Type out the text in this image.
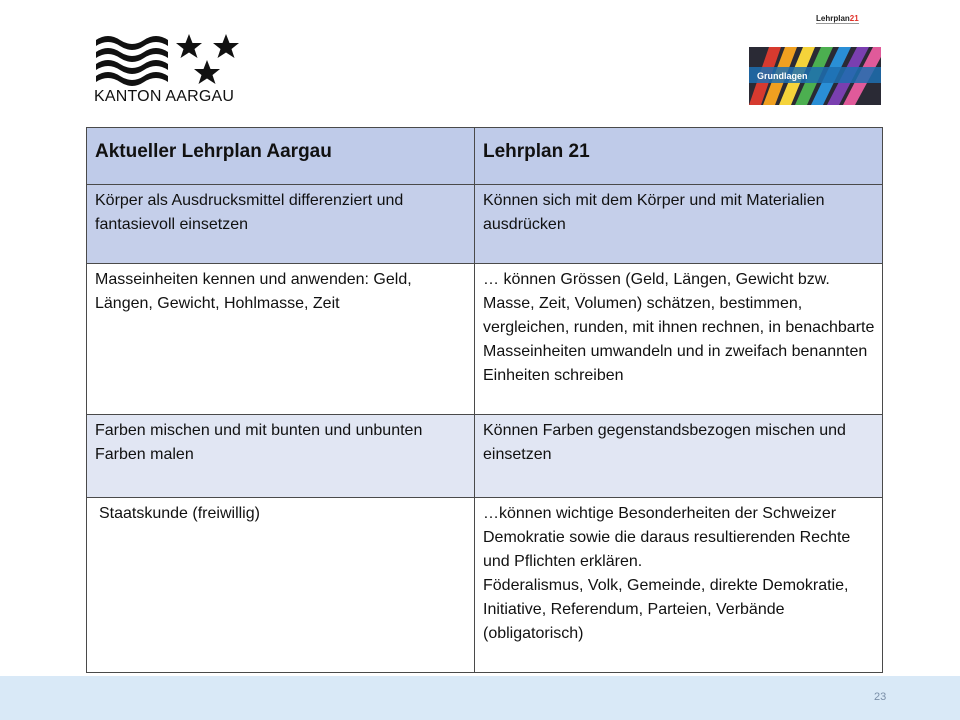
KANTON AARGAU
Lehrplan21
Grundlagen
Aktueller Lehrplan Aargau	Lehrplan 21
Körper als Ausdrucksmittel differenziert und fantasievoll einsetzen	Können sich mit dem Körper und mit Materialien ausdrücken
Masseinheiten kennen und anwenden: Geld, Längen, Gewicht, Hohlmasse, Zeit	… können Grössen (Geld, Längen, Gewicht bzw. Masse, Zeit, Volumen) schätzen, bestimmen, vergleichen, runden, mit ihnen rechnen, in benachbarte Masseinheiten umwandeln und in zweifach benannten Einheiten schreiben
Farben mischen und mit bunten und unbunten Farben malen	Können Farben gegenstandsbezogen mischen und einsetzen
Staatskunde (freiwillig)	…können wichtige Besonderheiten der Schweizer Demokratie sowie die daraus resultierenden Rechte und Pflichten erklären.
Föderalismus, Volk, Gemeinde, direkte Demokratie, Initiative, Referendum, Parteien, Verbände (obligatorisch)
23
